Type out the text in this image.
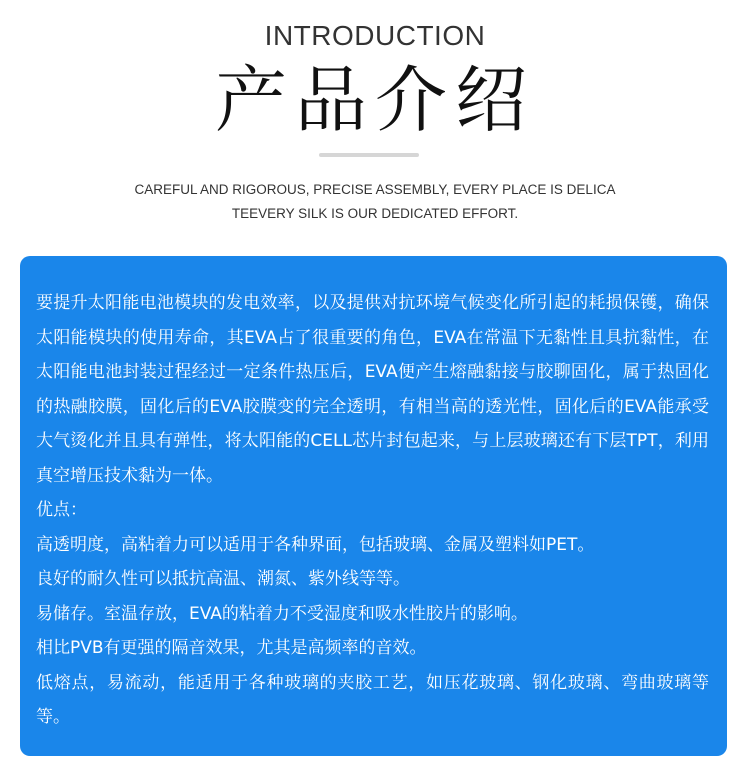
INTRODUCTION
产品介绍
CAREFUL AND RIGOROUS, PRECISE ASSEMBLY, EVERY PLACE IS DELICA
TEEVERY SILK IS OUR DEDICATED EFFORT.
要提升太阳能电池模块的发电效率，以及提供对抗环境气候变化所引起的耗损保镬，确保太阳能模块的使用寿命，其EVA占了很重要的角色，EVA在常温下无黏性且具抗黏性，在太阳能电池封装过程经过一定条件热压后，EVA便产生熔融黏接与胶聊固化，属于热固化的热融胶膜，固化后的EVA胶膜变的完全透明，有相当高的透光性，固化后的EVA能承受大气烫化并且具有弹性，将太阳能的CELL芯片封包起来，与上层玻璃还有下层TPT，利用真空增压技术黏为一体。
优点：
高透明度，高粘着力可以适用于各种界面，包括玻璃、金属及塑料如PET。
良好的耐久性可以抵抗高温、潮氮、紫外线等等。
易储存。室温存放，EVA的粘着力不受湿度和吸水性胶片的影响。
相比PVB有更强的隔音效果，尤其是高频率的音效。
低熔点，易流动，能适用于各种玻璃的夹胶工艺，如压花玻璃、钢化玻璃、弯曲玻璃等等。
